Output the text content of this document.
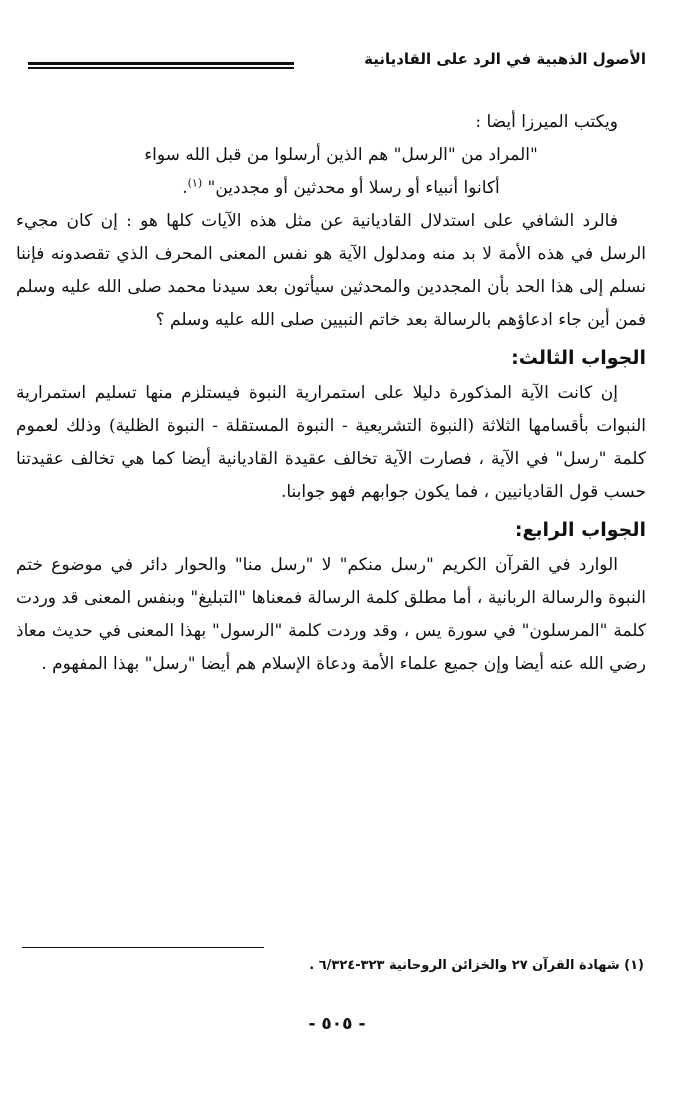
الأصول الذهبية في الرد على القاديانية

ويكتب الميرزا أيضا :

"المراد من "الرسل" هم الذين أرسلوا من قبل الله سواء

أكانوا أنبياء أو رسلا أو محدثين أو مجددين" $^{(١)}$.

فالرد الشافي على استدلال القاديانية عن مثل هذه الآيات كلها هو : إن كان مجيء الرسل في هذه الأمة لا بد منه ومدلول الآية هو نفس المعنى المحرف الذي تقصدونه فإننا نسلم إلى هذا الحد بأن المجددين والمحدثين سيأتون بعد سيدنا محمد صلى الله عليه وسلم فمن أين جاء ادعاؤهم بالرسالة بعد خاتم النبيين صلى الله عليه وسلم ؟

الجواب الثالث:

إن كانت الآية المذكورة دليلا على استمرارية النبوة فيستلزم منها تسليم استمرارية النبوات بأقسامها الثلاثة (النبوة التشريعية - النبوة المستقلة - النبوة الظلية) وذلك لعموم كلمة "رسل" في الآية ، فصارت الآية تخالف عقيدة القاديانية أيضا كما هي تخالف عقيدتنا حسب قول القاديانيين ، فما يكون جوابهم فهو جوابنا.

الجواب الرابع:

الوارد في القرآن الكريم "رسل منكم" لا "رسل منا" والحوار دائر في موضوع ختم النبوة والرسالة الربانية ، أما مطلق كلمة الرسالة فمعناها "التبليغ" وبنفس المعنى قد وردت كلمة "المرسلون" في سورة يس ، وقد وردت كلمة "الرسول" بهذا المعنى في حديث معاذ رضي الله عنه أيضا وإن جميع علماء الأمة ودعاة الإسلام هم أيضا "رسل" بهذا المفهوم .

(١) شهادة القرآن ٢٧ والخزائن الروحانية ٣٢٣-٦/٣٢٤ .
- ٥٠٥ -
